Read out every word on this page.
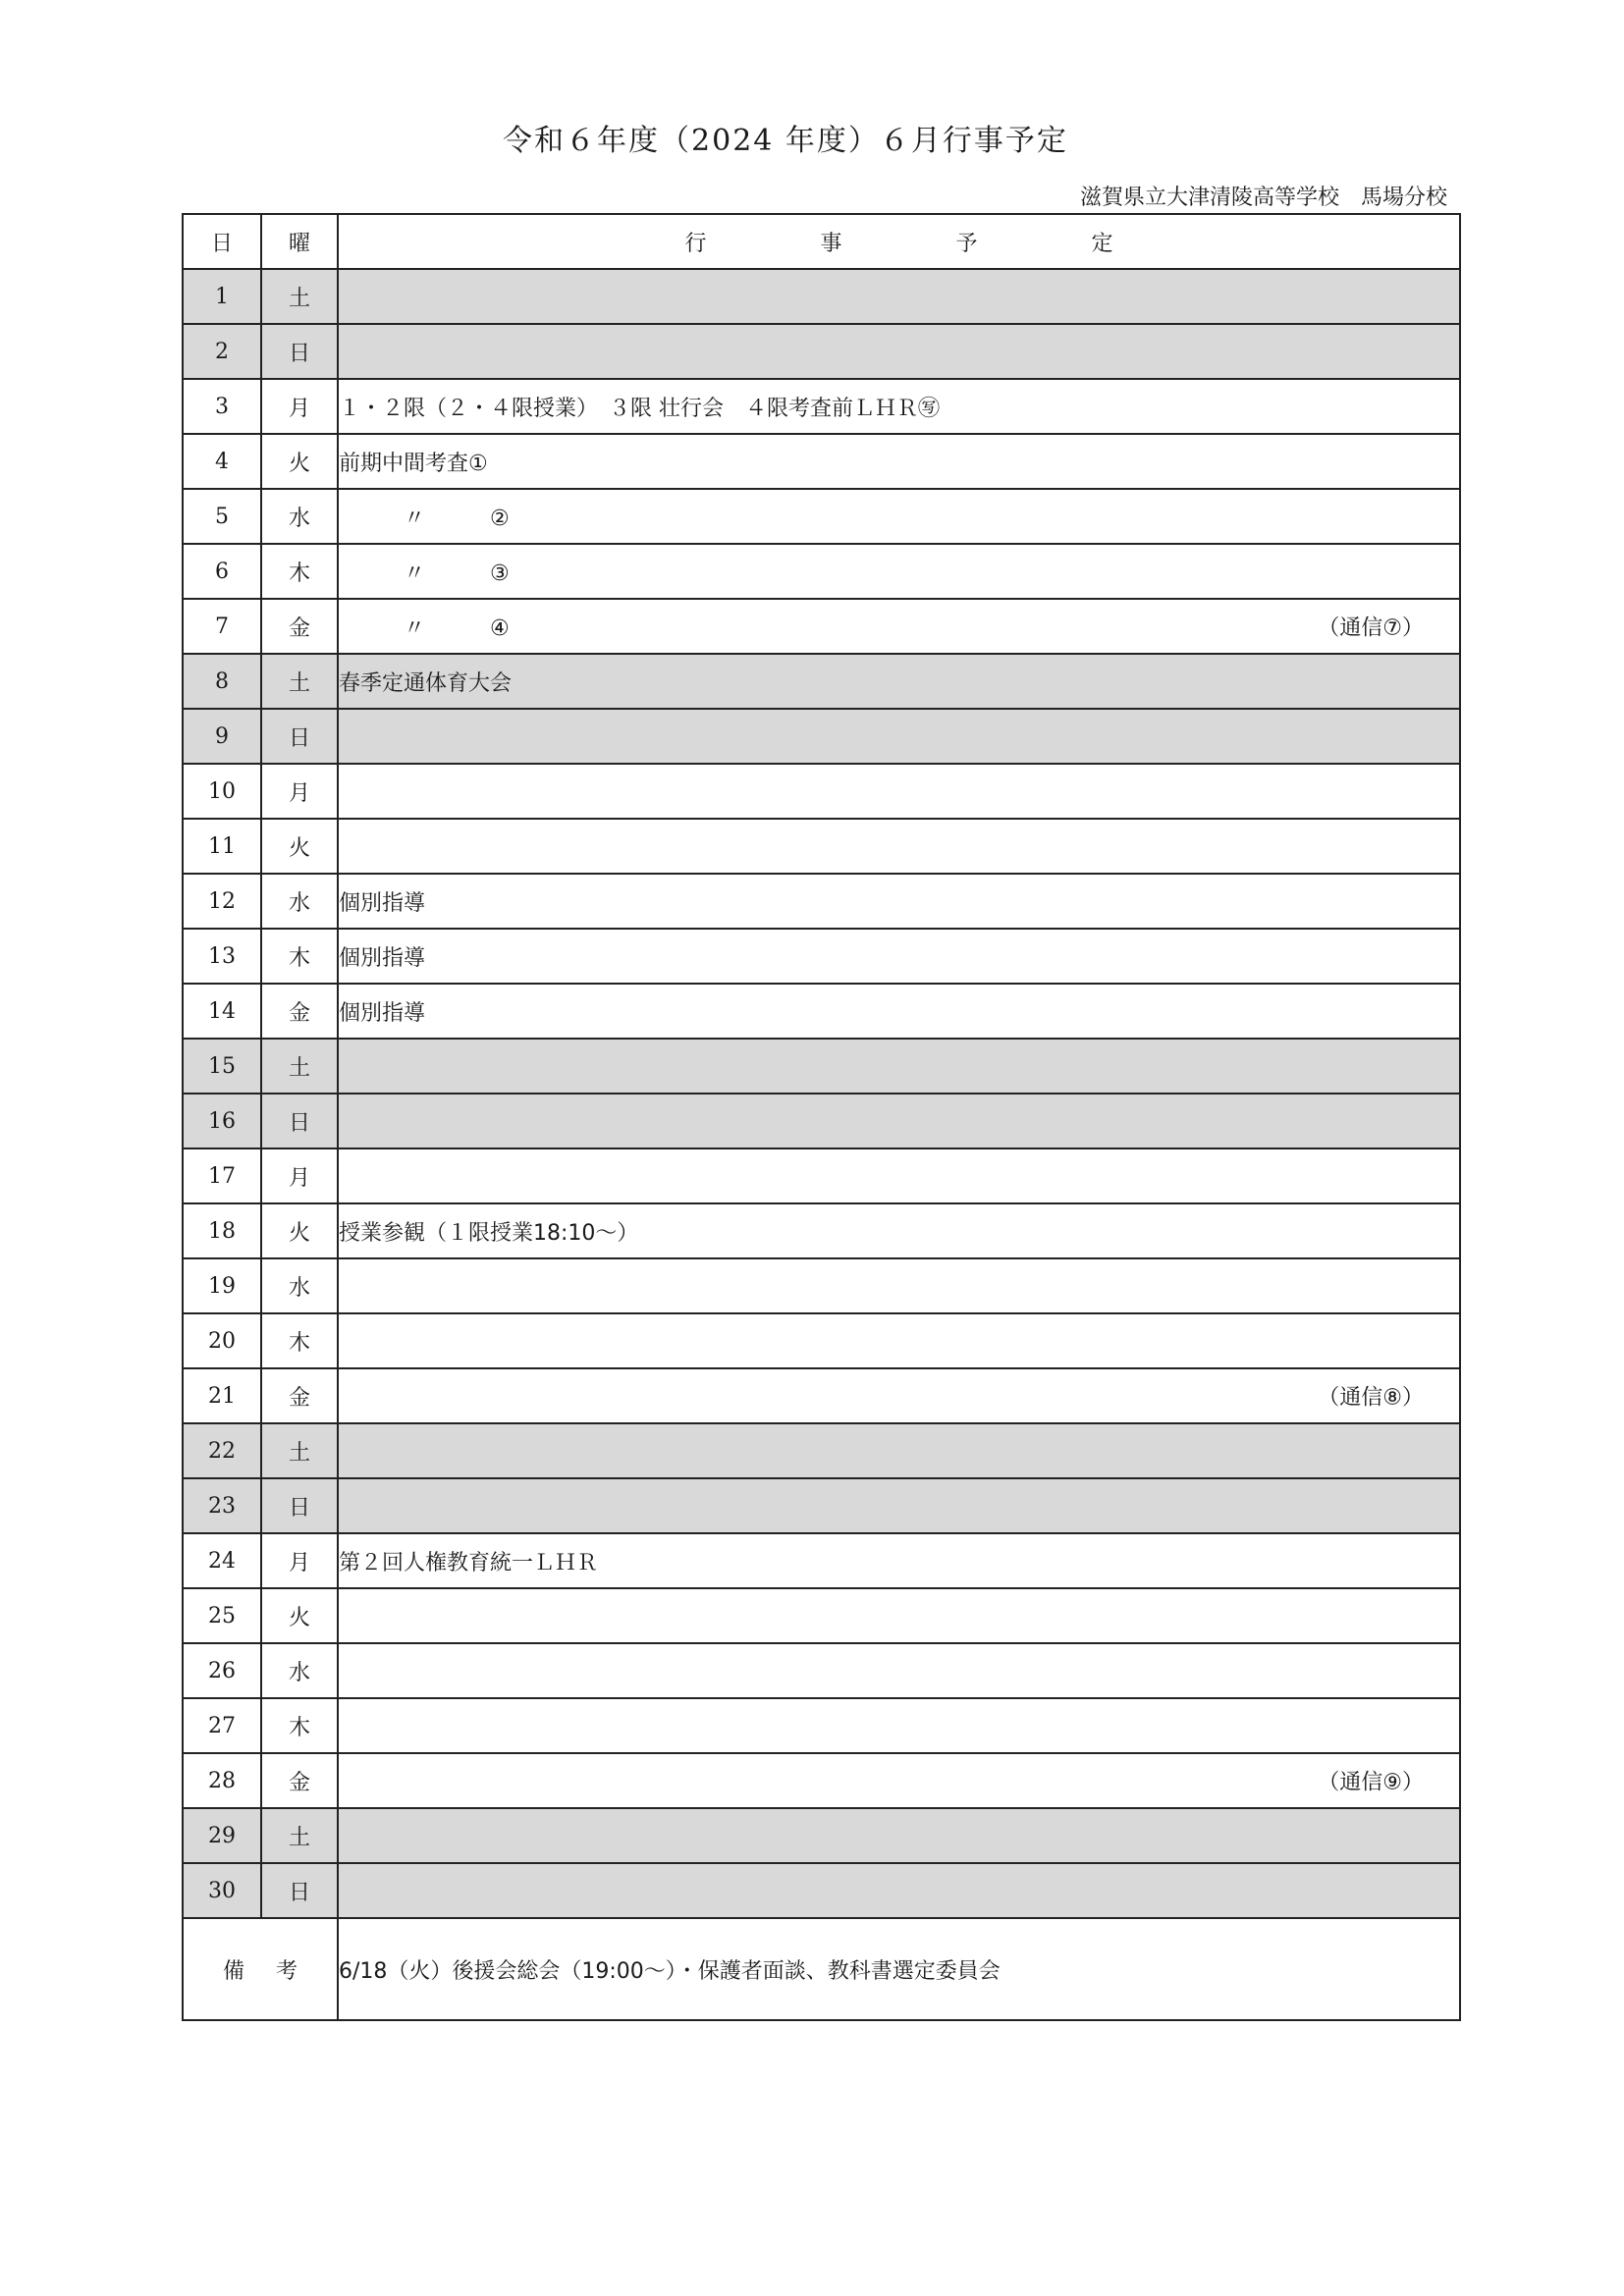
令和６年度（2024 年度）６月行事予定
滋賀県立大津清陵高等学校　馬場分校
日	曜	行 事 予 定
1	土	
2	日	
3	月	１・２限（２・４限授業）　３限 壮行会　４限考査前ＬＨＲ㊢
4	火	前期中間考査①
5	水	　　　〃　　　②
6	木	　　　〃　　　③
7	金	　　　〃　　　④ （通信⑦）

8	土	春季定通体育大会
9	日	
10	月	
11	火	
12	水	個別指導
13	木	個別指導
14	金	個別指導
15	土	
16	日	
17	月	
18	火	授業参観（１限授業18:10～）
19	水	
20	木	
21	金	（通信⑧）

22	土	
23	日	
24	月	第２回人権教育統一ＬＨＲ
25	火	
26	水	
27	木	
28	金	（通信⑨）

29	土	
30	日	
備 考		6/18（火）後援会総会（19:00～）・保護者面談、教科書選定委員会
